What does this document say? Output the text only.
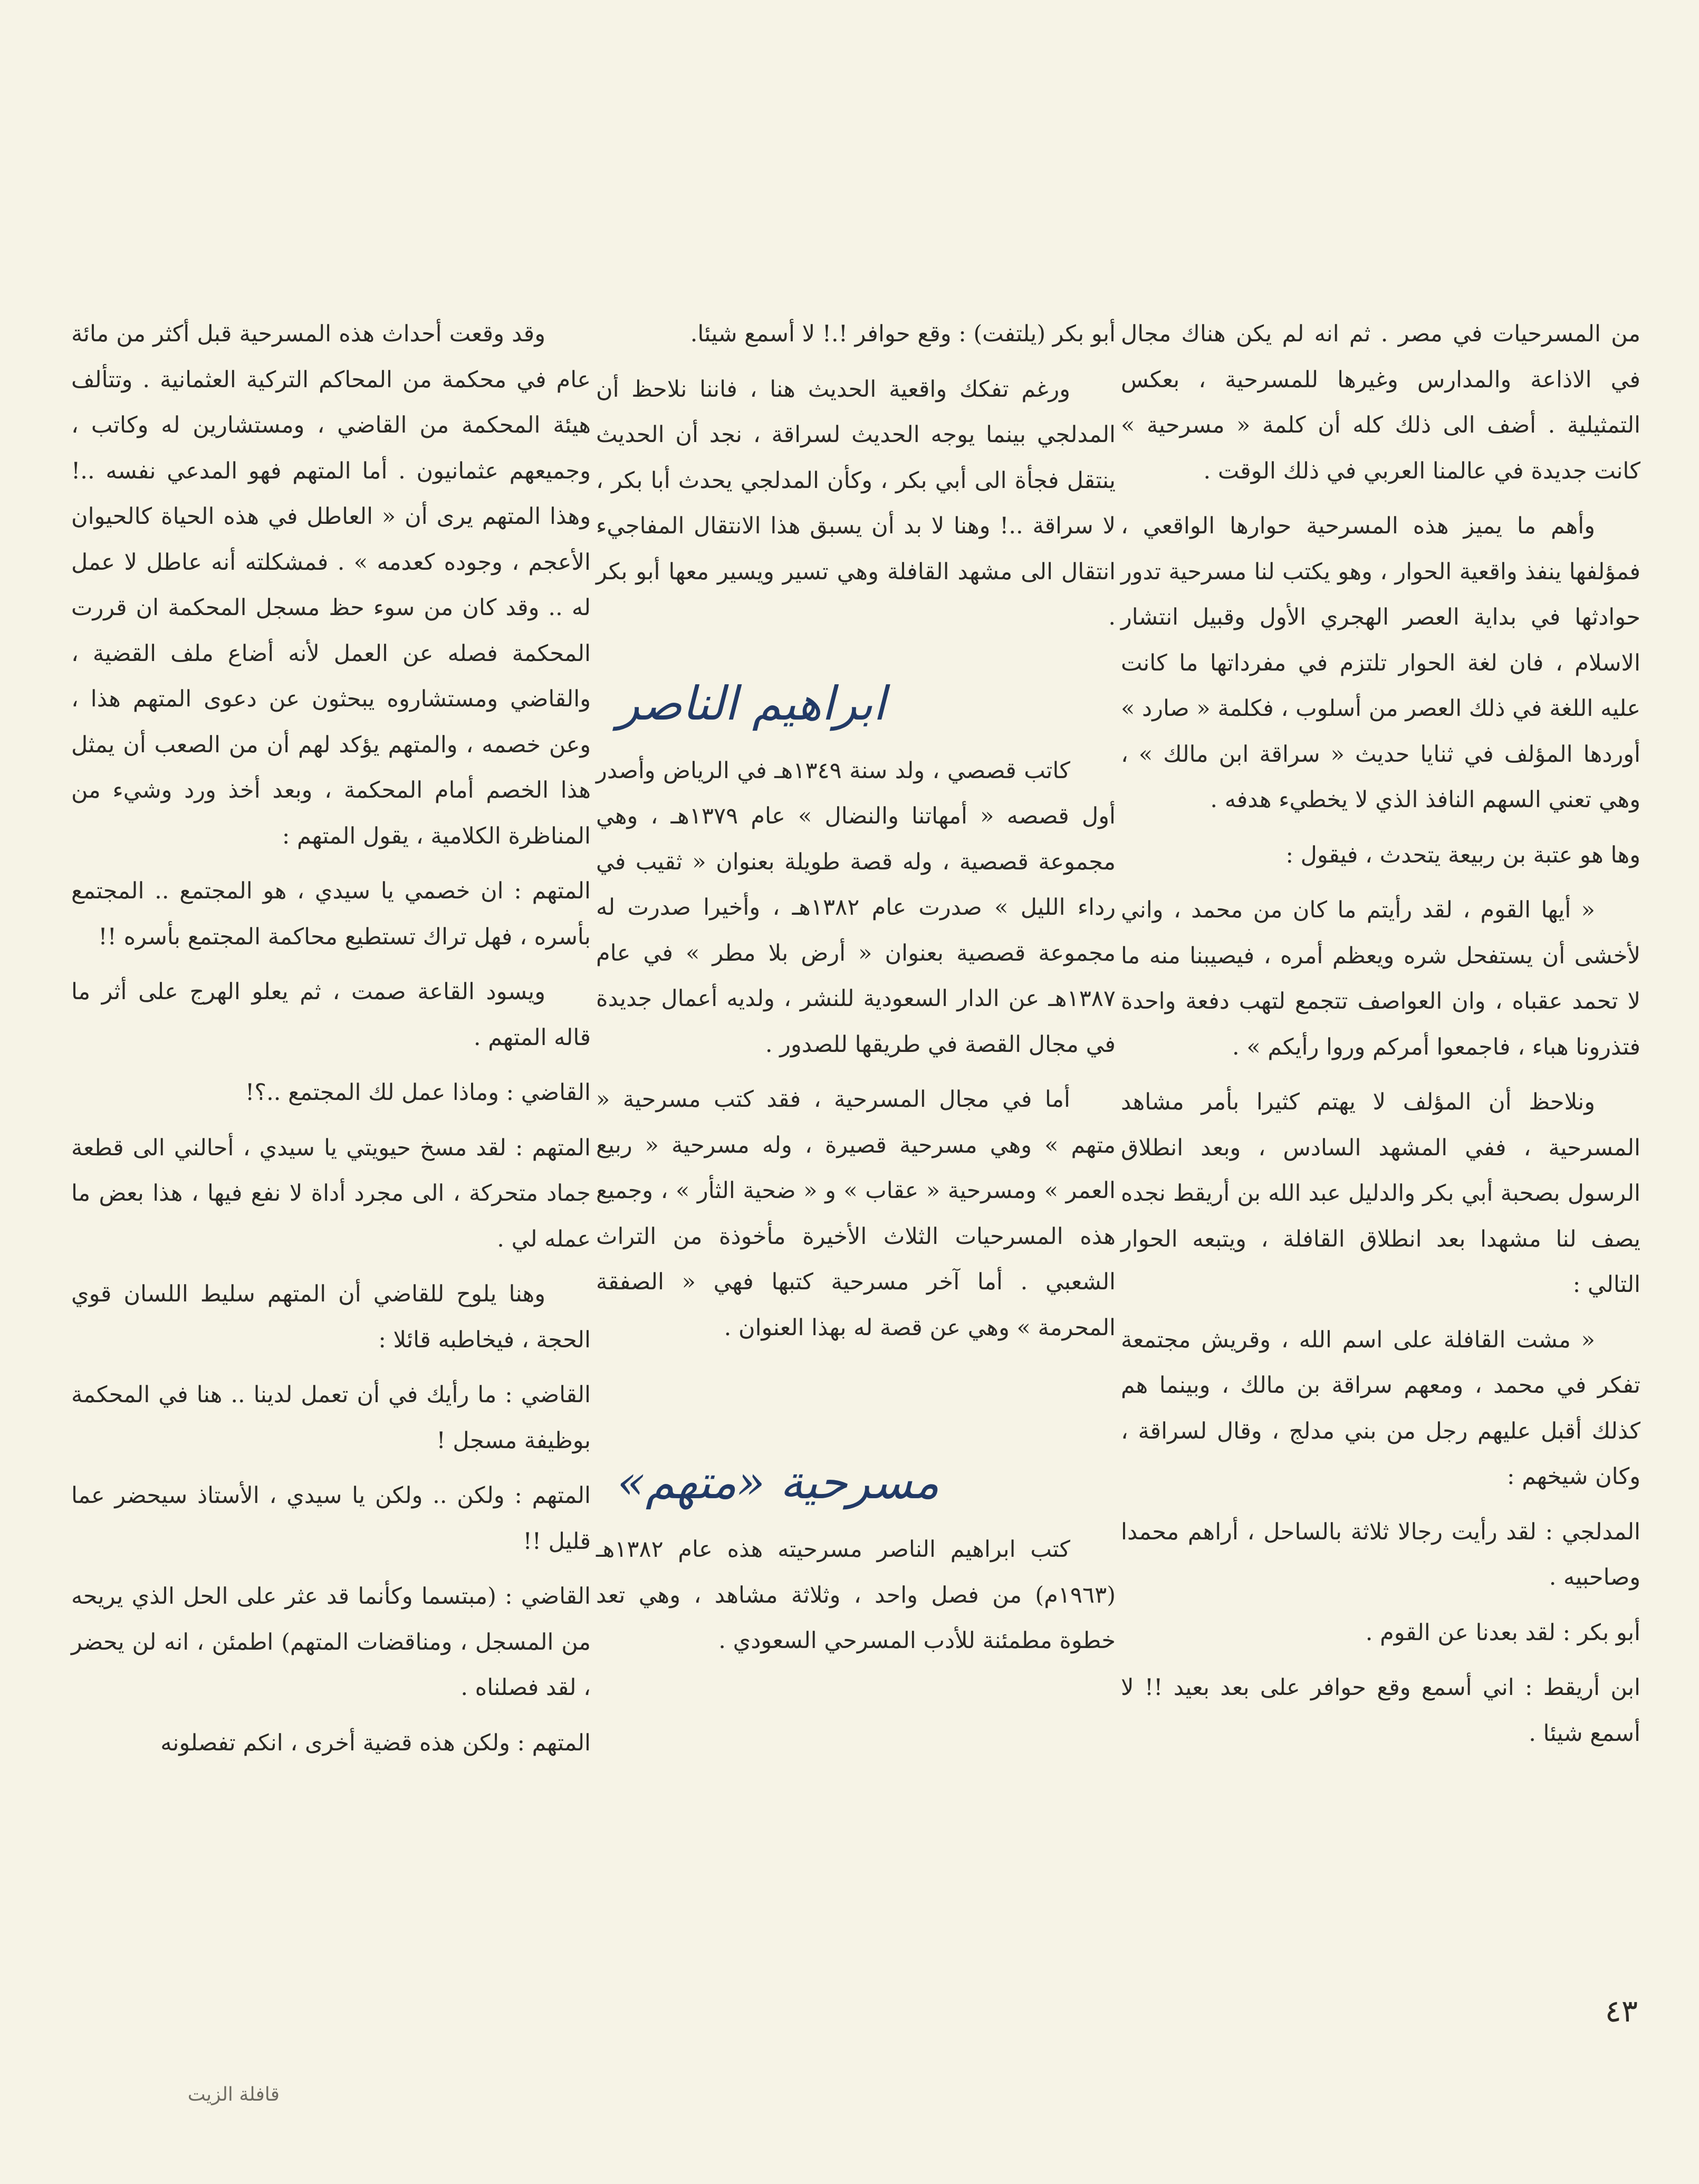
من المسرحيات في مصر . ثم انه لم يكن هناك مجال في الاذاعة والمدارس وغيرها للمسرحية ، بعكس التمثيلية . أضف الى ذلك كله أن كلمة « مسرحية » كانت جديدة في عالمنا العربي في ذلك الوقت .

وأهم ما يميز هذه المسرحية حوارها الواقعي ، فمؤلفها ينفذ واقعية الحوار ، وهو يكتب لنا مسرحية تدور حوادثها في بداية العصر الهجري الأول وقبيل انتشار الاسلام ، فان لغة الحوار تلتزم في مفرداتها ما كانت عليه اللغة في ذلك العصر من أسلوب ، فكلمة « صارد » أوردها المؤلف في ثنايا حديث « سراقة ابن مالك » ، وهي تعني السهم النافذ الذي لا يخطيء هدفه .

وها هو عتبة بن ربيعة يتحدث ، فيقول :

« أيها القوم ، لقد رأيتم ما كان من محمد ، واني لأخشى أن يستفحل شره ويعظم أمره ، فيصيبنا منه ما لا تحمد عقباه ، وان العواصف تتجمع لتهب دفعة واحدة فتذرونا هباء ، فاجمعوا أمركم وروا رأيكم » .

ونلاحظ أن المؤلف لا يهتم كثيرا بأمر مشاهد المسرحية ، ففي المشهد السادس ، وبعد انطلاق الرسول بصحبة أبي بكر والدليل عبد الله بن أريقط نجده يصف لنا مشهدا بعد انطلاق القافلة ، ويتبعه الحوار التالي :

« مشت القافلة على اسم الله ، وقريش مجتمعة تفكر في محمد ، ومعهم سراقة بن مالك ، وبينما هم كذلك أقبل عليهم رجل من بني مدلج ، وقال لسراقة ، وكان شيخهم :

المدلجي : لقد رأيت رجالا ثلاثة بالساحل ، أراهم محمدا وصاحبيه .

أبو بكر : لقد بعدنا عن القوم .

ابن أريقط : اني أسمع وقع حوافر على بعد بعيد !! لا أسمع شيئا .

أبو بكر (يلتفت) : وقع حوافر !.! لا أسمع شيئا.

ورغم تفكك واقعية الحديث هنا ، فاننا نلاحظ أن المدلجي بينما يوجه الحديث لسراقة ، نجد أن الحديث ينتقل فجأة الى أبي بكر ، وكأن المدلجي يحدث أبا بكر ، لا سراقة ..! وهنا لا بد أن يسبق هذا الانتقال المفاجيء انتقال الى مشهد القافلة وهي تسير ويسير معها أبو بكر .

ابراهيم الناصر

كاتب قصصي ، ولد سنة ١٣٤٩هـ في الرياض وأصدر أول قصصه « أمهاتنا والنضال » عام ١٣٧٩هـ ، وهي مجموعة قصصية ، وله قصة طويلة بعنوان « ثقيب في رداء الليل » صدرت عام ١٣٨٢هـ ، وأخيرا صدرت له مجموعة قصصية بعنوان « أرض بلا مطر » في عام ١٣٨٧هـ عن الدار السعودية للنشر ، ولديه أعمال جديدة في مجال القصة في طريقها للصدور .

أما في مجال المسرحية ، فقد كتب مسرحية « متهم » وهي مسرحية قصيرة ، وله مسرحية « ربيع العمر » ومسرحية « عقاب » و « ضحية الثأر » ، وجميع هذه المسرحيات الثلاث الأخيرة مأخوذة من التراث الشعبي . أما آخر مسرحية كتبها فهي « الصفقة المحرمة » وهي عن قصة له بهذا العنوان .

مسرحية «متهم»

كتب ابراهيم الناصر مسرحيته هذه عام ١٣٨٢هـ (١٩٦٣م) من فصل واحد ، وثلاثة مشاهد ، وهي تعد خطوة مطمئنة للأدب المسرحي السعودي .

وقد وقعت أحداث هذه المسرحية قبل أكثر من مائة عام في محكمة من المحاكم التركية العثمانية . وتتألف هيئة المحكمة من القاضي ، ومستشارين له وكاتب ، وجميعهم عثمانيون . أما المتهم فهو المدعي نفسه ..! وهذا المتهم يرى أن « العاطل في هذه الحياة كالحيوان الأعجم ، وجوده كعدمه » . فمشكلته أنه عاطل لا عمل له .. وقد كان من سوء حظ مسجل المحكمة ان قررت المحكمة فصله عن العمل لأنه أضاع ملف القضية ، والقاضي ومستشاروه يبحثون عن دعوى المتهم هذا ، وعن خصمه ، والمتهم يؤكد لهم أن من الصعب أن يمثل هذا الخصم أمام المحكمة ، وبعد أخذ ورد وشيء من المناظرة الكلامية ، يقول المتهم :

المتهم : ان خصمي يا سيدي ، هو المجتمع .. المجتمع بأسره ، فهل تراك تستطيع محاكمة المجتمع بأسره !!

ويسود القاعة صمت ، ثم يعلو الهرج على أثر ما قاله المتهم .

القاضي : وماذا عمل لك المجتمع ..؟!

المتهم : لقد مسخ حيويتي يا سيدي ، أحالني الى قطعة جماد متحركة ، الى مجرد أداة لا نفع فيها ، هذا بعض ما عمله لي .

وهنا يلوح للقاضي أن المتهم سليط اللسان قوي الحجة ، فيخاطبه قائلا :

القاضي : ما رأيك في أن تعمل لدينا .. هنا في المحكمة بوظيفة مسجل !

المتهم : ولكن .. ولكن يا سيدي ، الأستاذ سيحضر عما قليل !!

القاضي : (مبتسما وكأنما قد عثر على الحل الذي يريحه من المسجل ، ومناقضات المتهم) اطمئن ، انه لن يحضر ، لقد فصلناه .

المتهم : ولكن هذه قضية أخرى ، انكم تفصلونه

٤٣
قافلة الزيت
